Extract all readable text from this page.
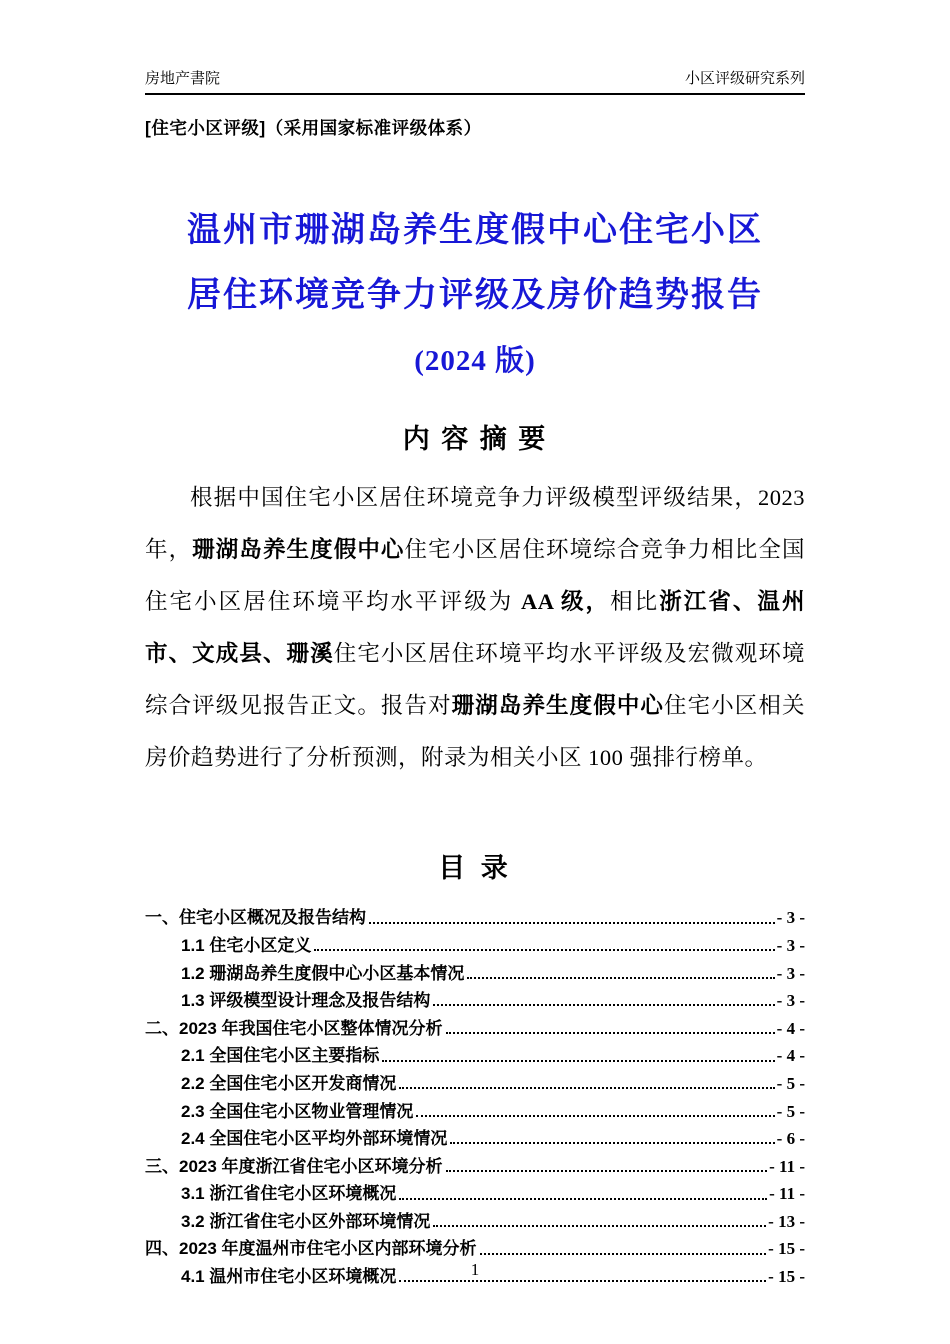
房地产書院	小区评级研究系列
[住宅小区评级]（采用国家标准评级体系）
温州市珊湖岛养生度假中心住宅小区
居住环境竞争力评级及房价趋势报告
(2024 版)
内 容 摘 要
根据中国住宅小区居住环境竞争力评级模型评级结果，2023 年，珊湖岛养生度假中心住宅小区居住环境综合竞争力相比全国住宅小区居住环境平均水平评级为 AA 级，相比浙江省、温州市、文成县、珊溪住宅小区居住环境平均水平评级及宏微观环境综合评级见报告正文。报告对珊湖岛养生度假中心住宅小区相关房价趋势进行了分析预测，附录为相关小区 100 强排行榜单。
目 录
一、住宅小区概况及报告结构	- 3 -
1.1 住宅小区定义	- 3 -
1.2 珊湖岛养生度假中心小区基本情况	- 3 -
1.3 评级模型设计理念及报告结构	- 3 -
二、2023 年我国住宅小区整体情况分析	- 4 -
2.1 全国住宅小区主要指标	- 4 -
2.2 全国住宅小区开发商情况	- 5 -
2.3 全国住宅小区物业管理情况	- 5 -
2.4 全国住宅小区平均外部环境情况	- 6 -
三、2023 年度浙江省住宅小区环境分析	- 11 -
3.1 浙江省住宅小区环境概况	- 11 -
3.2 浙江省住宅小区外部环境情况	- 13 -
四、2023 年度温州市住宅小区内部环境分析	- 15 -
4.1 温州市住宅小区环境概况	- 15 -
1
